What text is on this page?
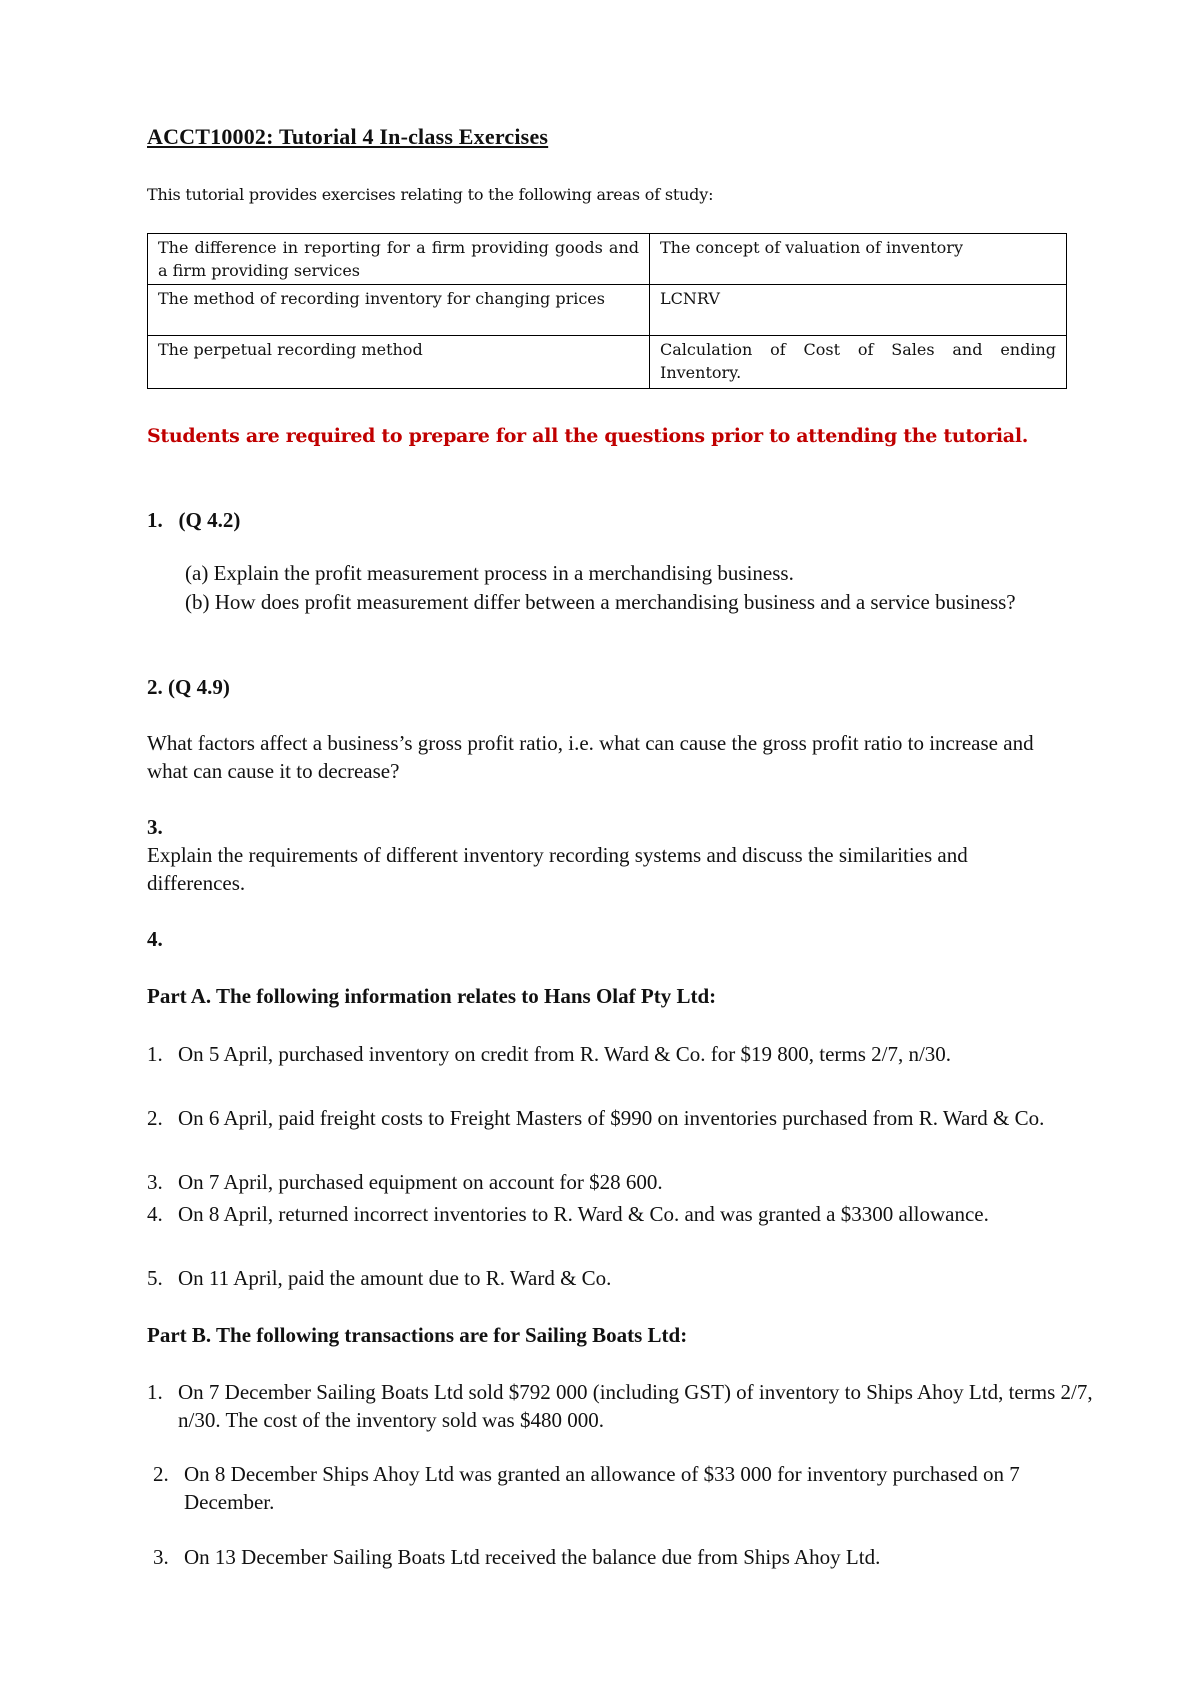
ACCT10002: Tutorial 4 In-class Exercises
This tutorial provides exercises relating to the following areas of study:
The difference in reporting for a firm providing goods and a firm providing services	The concept of valuation of inventory
The method of recording inventory for changing prices	LCNRV
The perpetual recording method	Calculation of Cost of Sales and ending Inventory.
Students are required to prepare for all the questions prior to attending the tutorial.
1. (Q 4.2)
(a) Explain the profit measurement process in a merchandising business.
(b) How does profit measurement differ between a merchandising business and a service business?
2. (Q 4.9)
What factors affect a business’s gross profit ratio, i.e. what can cause the gross profit ratio to increase and what can cause it to decrease?
3.
Explain the requirements of different inventory recording systems and discuss the similarities and differences.
4.
Part A. The following information relates to Hans Olaf Pty Ltd:
1. On 5 April, purchased inventory on credit from R. Ward & Co. for $19 800, terms 2/7, n/30.
2. On 6 April, paid freight costs to Freight Masters of $990 on inventories purchased from R. Ward & Co.
3. On 7 April, purchased equipment on account for $28 600.
4. On 8 April, returned incorrect inventories to R. Ward & Co. and was granted a $3300 allowance.
5. On 11 April, paid the amount due to R. Ward & Co.
Part B. The following transactions are for Sailing Boats Ltd:
1. On 7 December Sailing Boats Ltd sold $792 000 (including GST) of inventory to Ships Ahoy Ltd, terms 2/7, n/30. The cost of the inventory sold was $480 000.
2. On 8 December Ships Ahoy Ltd was granted an allowance of $33 000 for inventory purchased on 7 December.
3. On 13 December Sailing Boats Ltd received the balance due from Ships Ahoy Ltd.
